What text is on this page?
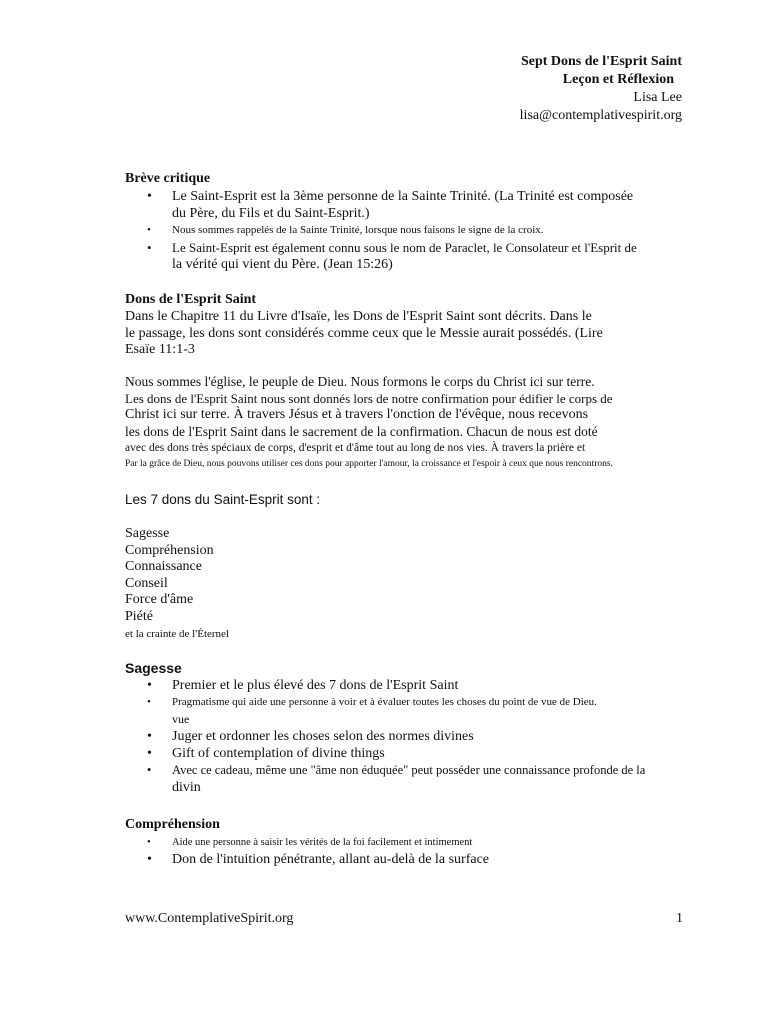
Sept Dons de l'Esprit Saint
Leçon et Réflexion
Lisa Lee
lisa@contemplativespirit.org
Brève critique
• Le Saint-Esprit est la 3ème personne de la Sainte Trinité. (La Trinité est composée
du Père, du Fils et du Saint-Esprit.)
• Nous sommes rappelés de la Sainte Trinité, lorsque nous faisons le signe de la croix.
• Le Saint-Esprit est également connu sous le nom de Paraclet, le Consolateur et l'Esprit de
la vérité qui vient du Père. (Jean 15:26)
Dons de l'Esprit Saint
Dans le Chapitre 11 du Livre d'Isaïe, les Dons de l'Esprit Saint sont décrits. Dans le
le passage, les dons sont considérés comme ceux que le Messie aurait possédés. (Lire
Esaïe 11:1-3
Nous sommes l'église, le peuple de Dieu. Nous formons le corps du Christ ici sur terre.
Les dons de l'Esprit Saint nous sont donnés lors de notre confirmation pour édifier le corps de
Christ ici sur terre. À travers Jésus et à travers l'onction de l'évêque, nous recevons
les dons de l'Esprit Saint dans le sacrement de la confirmation. Chacun de nous est doté
avec des dons très spéciaux de corps, d'esprit et d'âme tout au long de nos vies. À travers la prière et
Par la grâce de Dieu, nous pouvons utiliser ces dons pour apporter l'amour, la croissance et l'espoir à ceux que nous rencontrons.
Les 7 dons du Saint-Esprit sont :
Sagesse
Compréhension
Connaissance
Conseil
Force d'âme
Piété
et la crainte de l'Éternel
Sagesse
• Premier et le plus élevé des 7 dons de l'Esprit Saint
• Pragmatisme qui aide une personne à voir et à évaluer toutes les choses du point de vue de Dieu.
vue
• Juger et ordonner les choses selon des normes divines
• Gift of contemplation of divine things
• Avec ce cadeau, même une "âme non éduquée" peut posséder une connaissance profonde de la
divin
Compréhension
• Aide une personne à saisir les vérités de la foi facilement et intimement
• Don de l'intuition pénétrante, allant au-delà de la surface
www.ContemplativeSpirit.org	1
